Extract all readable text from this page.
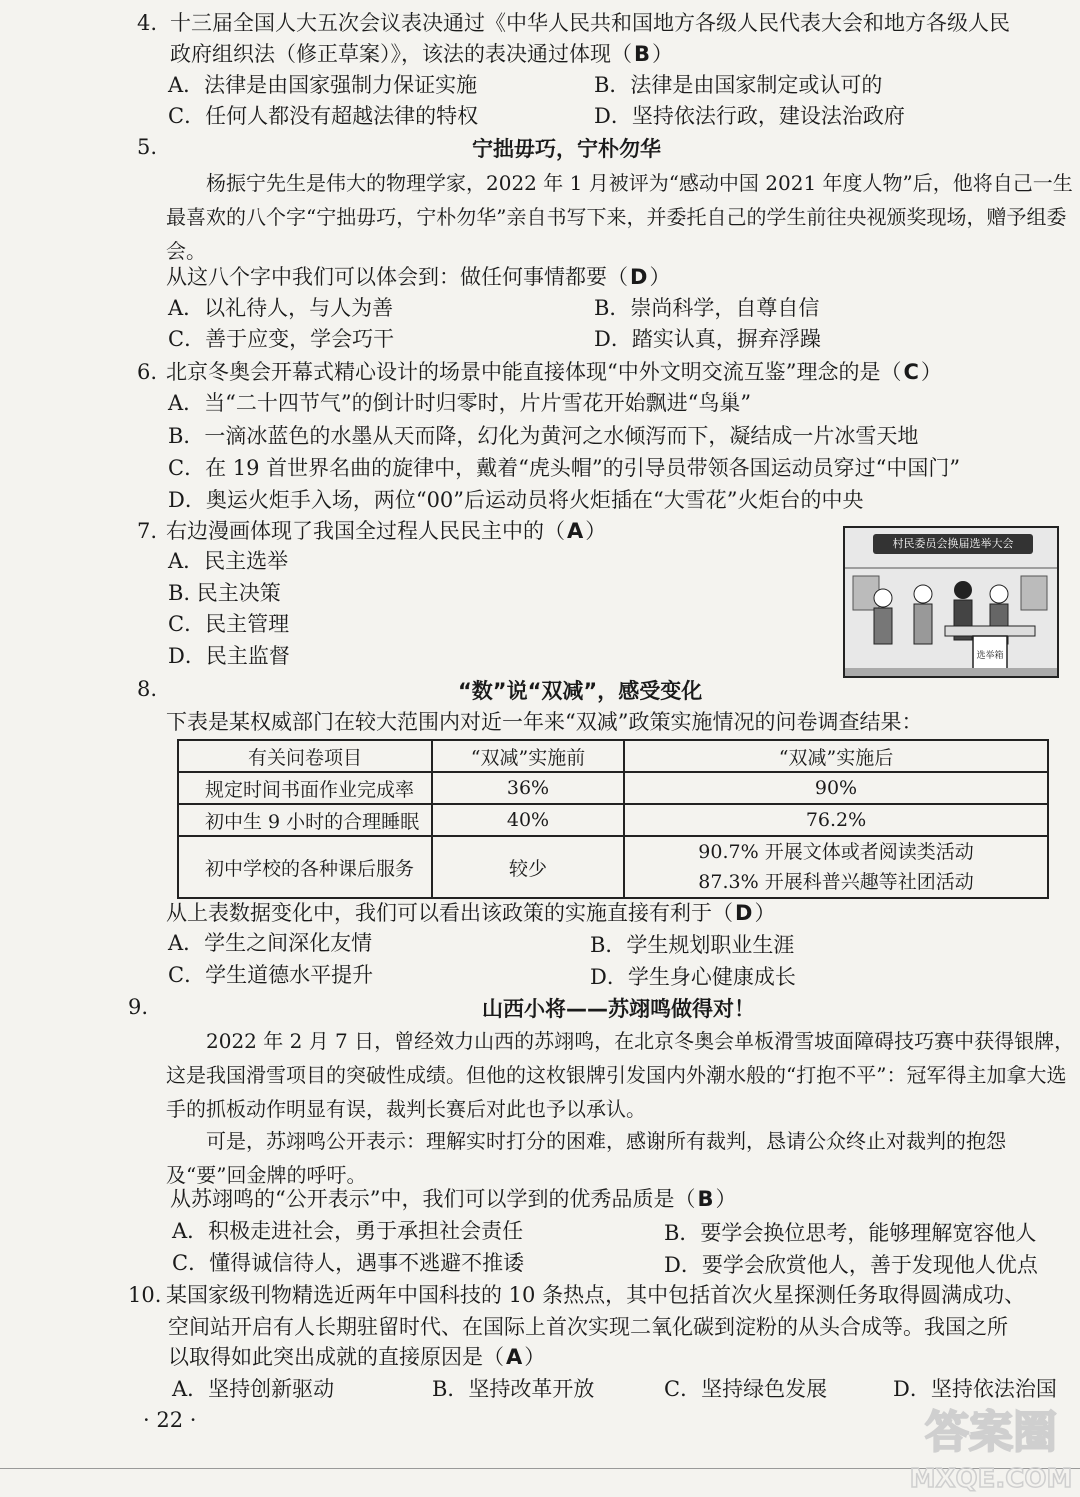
4. 十三届全国人大五次会议表决通过《中华人民共和国地方各级人民代表大会和地方各级人民
政府组织法（修正草案）》，该法的表决通过体现（B）
A．法律是由国家强制力保证实施	B．法律是由国家制定或认可的
C．任何人都没有超越法律的特权	D．坚持依法行政，建设法治政府
5.	宁拙毋巧，宁朴勿华
杨振宁先生是伟大的物理学家，2022 年 1 月被评为“感动中国 2021 年度人物”后，他将自己一生最喜欢的八个字“宁拙毋巧，宁朴勿华”亲自书写下来，并委托自己的学生前往央视颁奖现场，赠予组委会。
从这八个字中我们可以体会到：做任何事情都要（D）
A．以礼待人，与人为善	B．崇尚科学，自尊自信
C．善于应变，学会巧干	D．踏实认真，摒弃浮躁
6. 北京冬奥会开幕式精心设计的场景中能直接体现“中外文明交流互鉴”理念的是（C）
A．当“二十四节气”的倒计时归零时，片片雪花开始飘进“鸟巢”
B．一滴冰蓝色的水墨从天而降，幻化为黄河之水倾泻而下，凝结成一片冰雪天地
C．在 19 首世界名曲的旋律中，戴着“虎头帽”的引导员带领各国运动员穿过“中国门”
D．奥运火炬手入场，两位“00”后运动员将火炬插在“大雪花”火炬台的中央
7. 右边漫画体现了我国全过程人民民主中的（A）
A．民主选举
B. 民主决策
C．民主管理
D．民主监督	选举箱
村民委员会换届选举大会
8.	“数”说“双减”，感受变化
下表是某权威部门在较大范围内对近一年来“双减”政策实施情况的问卷调查结果：
有关问卷项目	“双减”实施前	“双减”实施后
规定时间书面作业完成率	36%	90%
初中生 9 小时的合理睡眠	40%	76.2%
初中学校的各种课后服务	较少	90.7% 开展文体或者阅读类活动
87.3% 开展科普兴趣等社团活动
从上表数据变化中，我们可以看出该政策的实施直接有利于（D）
A．学生之间深化友情	B．学生规划职业生涯
C．学生道德水平提升	D．学生身心健康成长
9.	山西小将——苏翊鸣做得对！
2022 年 2 月 7 日，曾经效力山西的苏翊鸣，在北京冬奥会单板滑雪坡面障碍技巧赛中获得银牌，这是我国滑雪项目的突破性成绩。但他的这枚银牌引发国内外潮水般的“打抱不平”：冠军得主加拿大选手的抓板动作明显有误，裁判长赛后对此也予以承认。
可是，苏翊鸣公开表示：理解实时打分的困难，感谢所有裁判，恳请公众终止对裁判的抱怨及“要”回金牌的呼吁。
从苏翊鸣的“公开表示”中，我们可以学到的优秀品质是（B）
A．积极走进社会，勇于承担社会责任	B．要学会换位思考，能够理解宽容他人
C．懂得诚信待人，遇事不逃避不推诿	D．要学会欣赏他人，善于发现他人优点
10. 某国家级刊物精选近两年中国科技的 10 条热点，其中包括首次火星探测任务取得圆满成功、
空间站开启有人长期驻留时代、在国际上首次实现二氧化碳到淀粉的从头合成等。我国之所
以取得如此突出成就的直接原因是（A）
A．坚持创新驱动	B．坚持改革开放	C．坚持绿色发展	D．坚持依法治国
· 22 ·	答案圈
MXQE.COM
